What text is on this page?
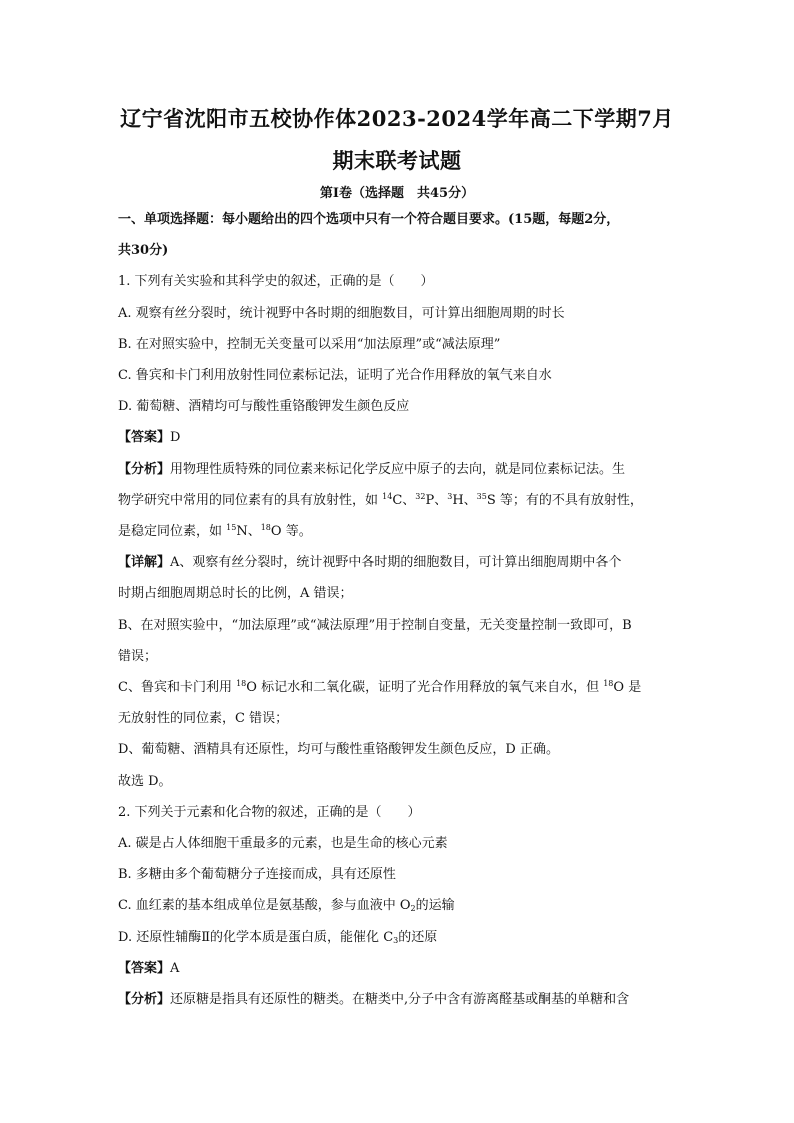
辽宁省沈阳市五校协作体2023-2024学年高二下学期7月
期末联考试题
第Ⅰ卷（选择题　共45分）
一、单项选择题：每小题给出的四个选项中只有一个符合题目要求。(15题，每题2分，
共30分)
1. 下列有关实验和其科学史的叙述，正确的是（　　）
A. 观察有丝分裂时，统计视野中各时期的细胞数目，可计算出细胞周期的时长
B. 在对照实验中，控制无关变量可以采用“加法原理”或“减法原理”
C. 鲁宾和卡门利用放射性同位素标记法，证明了光合作用释放的氧气来自水
D. 葡萄糖、酒精均可与酸性重铬酸钾发生颜色反应
【答案】D
【分析】用物理性质特殊的同位素来标记化学反应中原子的去向，就是同位素标记法。生
物学研究中常用的同位素有的具有放射性，如 $^{14}$C、$^{32}$P、$^3$H、$^{35}$S 等；有的不具有放射性，
是稳定同位素，如 $^{15}$N、$^{18}$O 等。
【详解】A、观察有丝分裂时，统计视野中各时期的细胞数目，可计算出细胞周期中各个
时期占细胞周期总时长的比例，A 错误；
B、在对照实验中，“加法原理”或“减法原理”用于控制自变量，无关变量控制一致即可，B
错误；
C、鲁宾和卡门利用 $^{18}$O 标记水和二氧化碳，证明了光合作用释放的氧气来自水，但 $^{18}$O 是
无放射性的同位素，C 错误；
D、葡萄糖、酒精具有还原性，均可与酸性重铬酸钾发生颜色反应，D 正确。
故选 D。
2. 下列关于元素和化合物的叙述，正确的是（　　）
A. 碳是占人体细胞干重最多的元素，也是生命的核心元素
B. 多糖由多个葡萄糖分子连接而成，具有还原性
C. 血红素的基本组成单位是氨基酸，参与血液中 $O_2$的运输
D. 还原性辅酶Ⅱ的化学本质是蛋白质，能催化 $C_3$的还原
【答案】A
【分析】还原糖是指具有还原性的糖类。在糖类中,分子中含有游离醛基或酮基的单糖和含
